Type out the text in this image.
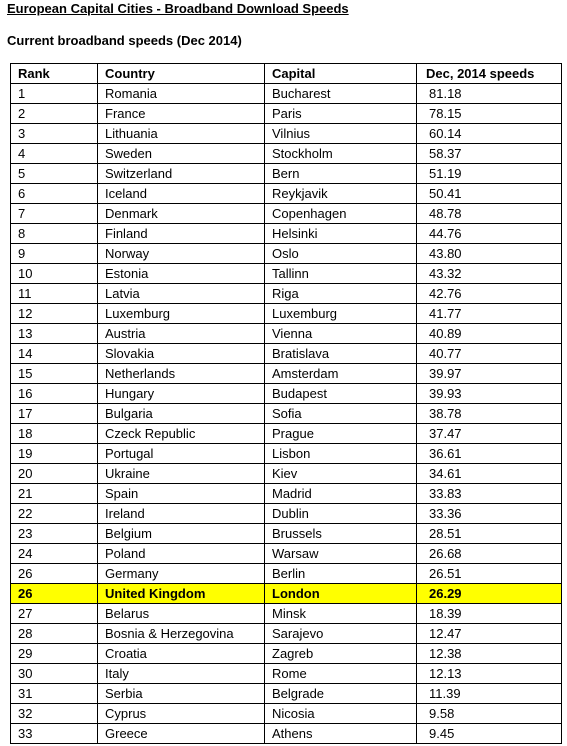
European Capital Cities - Broadband Download Speeds
Current broadband speeds (Dec 2014)
Rank	Country	Capital	Dec, 2014 speeds
1	Romania	Bucharest	81.18
2	France	Paris	78.15
3	Lithuania	Vilnius	60.14
4	Sweden	Stockholm	58.37
5	Switzerland	Bern	51.19
6	Iceland	Reykjavik	50.41
7	Denmark	Copenhagen	48.78
8	Finland	Helsinki	44.76
9	Norway	Oslo	43.80
10	Estonia	Tallinn	43.32
11	Latvia	Riga	42.76
12	Luxemburg	Luxemburg	41.77
13	Austria	Vienna	40.89
14	Slovakia	Bratislava	40.77
15	Netherlands	Amsterdam	39.97
16	Hungary	Budapest	39.93
17	Bulgaria	Sofia	38.78
18	Czeck Republic	Prague	37.47
19	Portugal	Lisbon	36.61
20	Ukraine	Kiev	34.61
21	Spain	Madrid	33.83
22	Ireland	Dublin	33.36
23	Belgium	Brussels	28.51
24	Poland	Warsaw	26.68
26	Germany	Berlin	26.51
26	United Kingdom	London	26.29
27	Belarus	Minsk	18.39
28	Bosnia & Herzegovina	Sarajevo	12.47
29	Croatia	Zagreb	12.38
30	Italy	Rome	12.13
31	Serbia	Belgrade	11.39
32	Cyprus	Nicosia	9.58
33	Greece	Athens	9.45
